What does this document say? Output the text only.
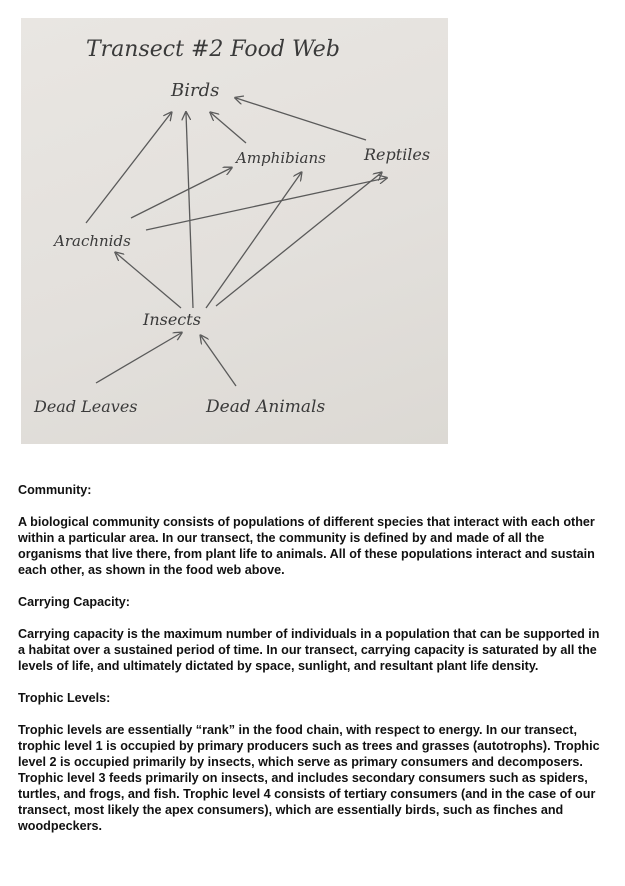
Transect #2 Food Web
Birds
Amphibians Reptiles
Arachnids
Insects
Dead Leaves	Dead Animals

Community:

A biological community consists of populations of different species that interact with each other within a particular area. In our transect, the community is defined by and made of all the organisms that live there, from plant life to animals. All of these populations interact and sustain each other, as shown in the food web above.

Carrying Capacity:

Carrying capacity is the maximum number of individuals in a population that can be supported in a habitat over a sustained period of time. In our transect, carrying capacity is saturated by all the levels of life, and ultimately dictated by space, sunlight, and resultant plant life density.

Trophic Levels:

Trophic levels are essentially “rank” in the food chain, with respect to energy. In our transect, trophic level 1 is occupied by primary producers such as trees and grasses (autotrophs). Trophic level 2 is occupied primarily by insects, which serve as primary consumers and decomposers. Trophic level 3 feeds primarily on insects, and includes secondary consumers such as spiders, turtles, and frogs, and fish. Trophic level 4 consists of tertiary consumers (and in the case of our transect, most likely the apex consumers), which are essentially birds, such as finches and woodpeckers.
